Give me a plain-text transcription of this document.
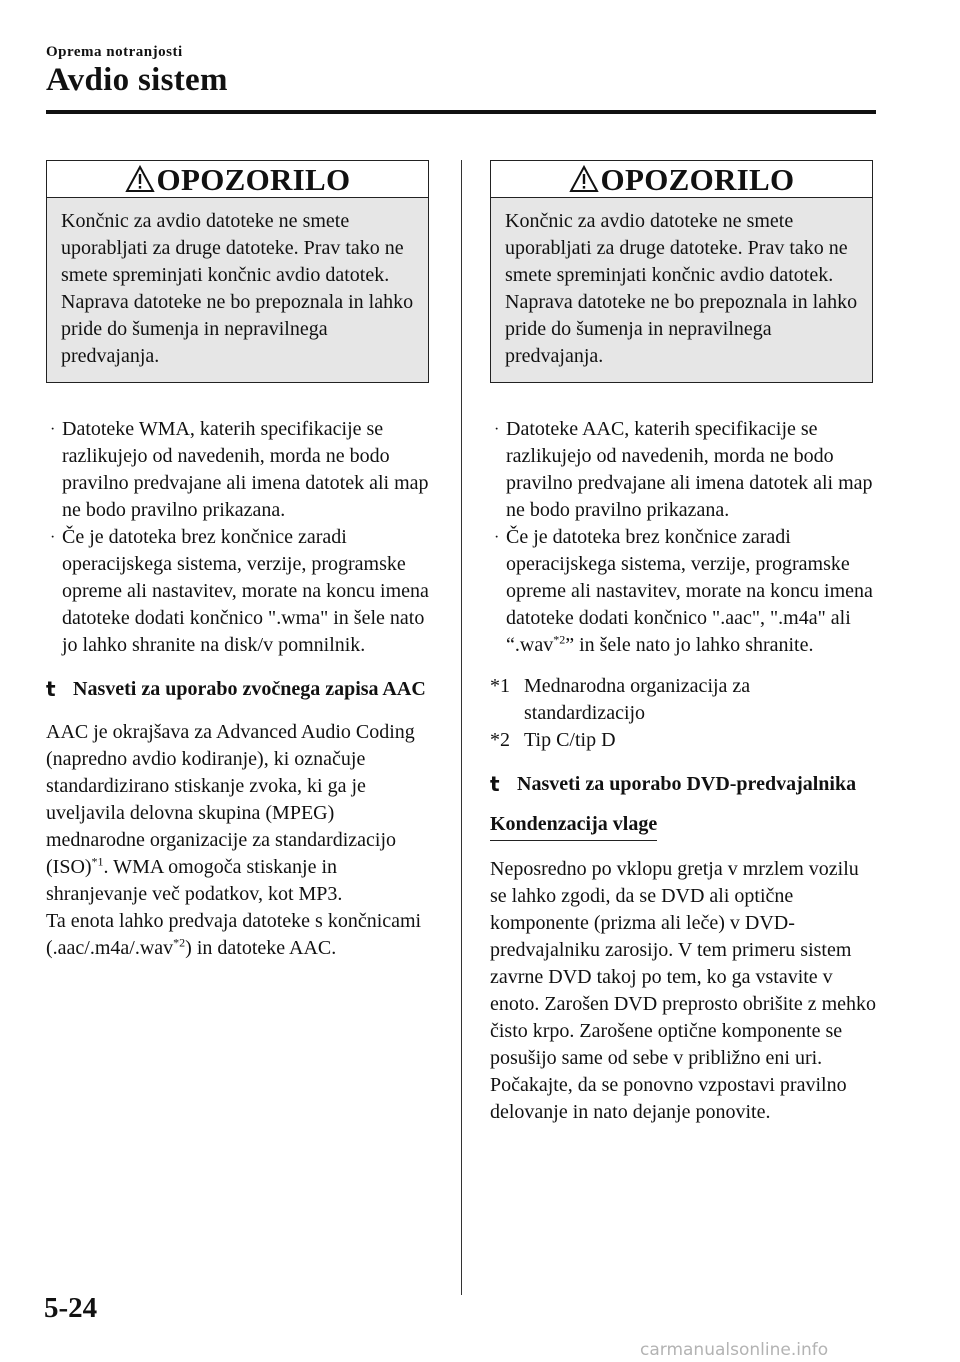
Oprema notranjosti
Avdio sistem
OPOZORILO
Končnic za avdio datoteke ne smete uporabljati za druge datoteke. Prav tako ne smete spreminjati končnic avdio datotek. Naprava datoteke ne bo prepoznala in lahko pride do šumenja in nepravilnega predvajanja.
· Datoteke WMA, katerih specifikacije se razlikujejo od navedenih, morda ne bodo pravilno predvajane ali imena datotek ali map ne bodo pravilno prikazana.
· Če je datoteka brez končnice zaradi operacijskega sistema, verzije, programske opreme ali nastavitev, morate na koncu imena datoteke dodati končnico ".wma" in šele nato jo lahko shranite na disk/v pomnilnik.
t Nasveti za uporabo zvočnega zapisa AAC
AAC je okrajšava za Advanced Audio Coding (napredno avdio kodiranje), ki označuje standardizirano stiskanje zvoka, ki ga je uveljavila delovna skupina (MPEG) mednarodne organizacije za standardizacijo (ISO)$^{*1}$. WMA omogoča stiskanje in shranjevanje več podatkov, kot MP3.
Ta enota lahko predvaja datoteke s končnicami (.aac/.m4a/.wav$^{*2}$) in datoteke AAC.
OPOZORILO
Končnic za avdio datoteke ne smete uporabljati za druge datoteke. Prav tako ne smete spreminjati končnic avdio datotek. Naprava datoteke ne bo prepoznala in lahko pride do šumenja in nepravilnega predvajanja.
· Datoteke AAC, katerih specifikacije se razlikujejo od navedenih, morda ne bodo pravilno predvajane ali imena datotek ali map ne bodo pravilno prikazana.
· Če je datoteka brez končnice zaradi operacijskega sistema, verzije, programske opreme ali nastavitev, morate na koncu imena datoteke dodati končnico ".aac", ".m4a" ali “.wav$^{*2}$” in šele nato jo lahko shranite.
*1 Mednarodna organizacija za standardizacijo
*2 Tip C/tip D
t Nasveti za uporabo DVD-predvajalnika
Kondenzacija vlage
Neposredno po vklopu gretja v mrzlem vozilu se lahko zgodi, da se DVD ali optične komponente (prizma ali leče) v DVD-predvajalniku zarosijo. V tem primeru sistem zavrne DVD takoj po tem, ko ga vstavite v enoto. Zarošen DVD preprosto obrišite z mehko čisto krpo. Zarošene optične komponente se posušijo same od sebe v približno eni uri. Počakajte, da se ponovno vzpostavi pravilno delovanje in nato dejanje ponovite.
5-24
carmanualsonline.info
